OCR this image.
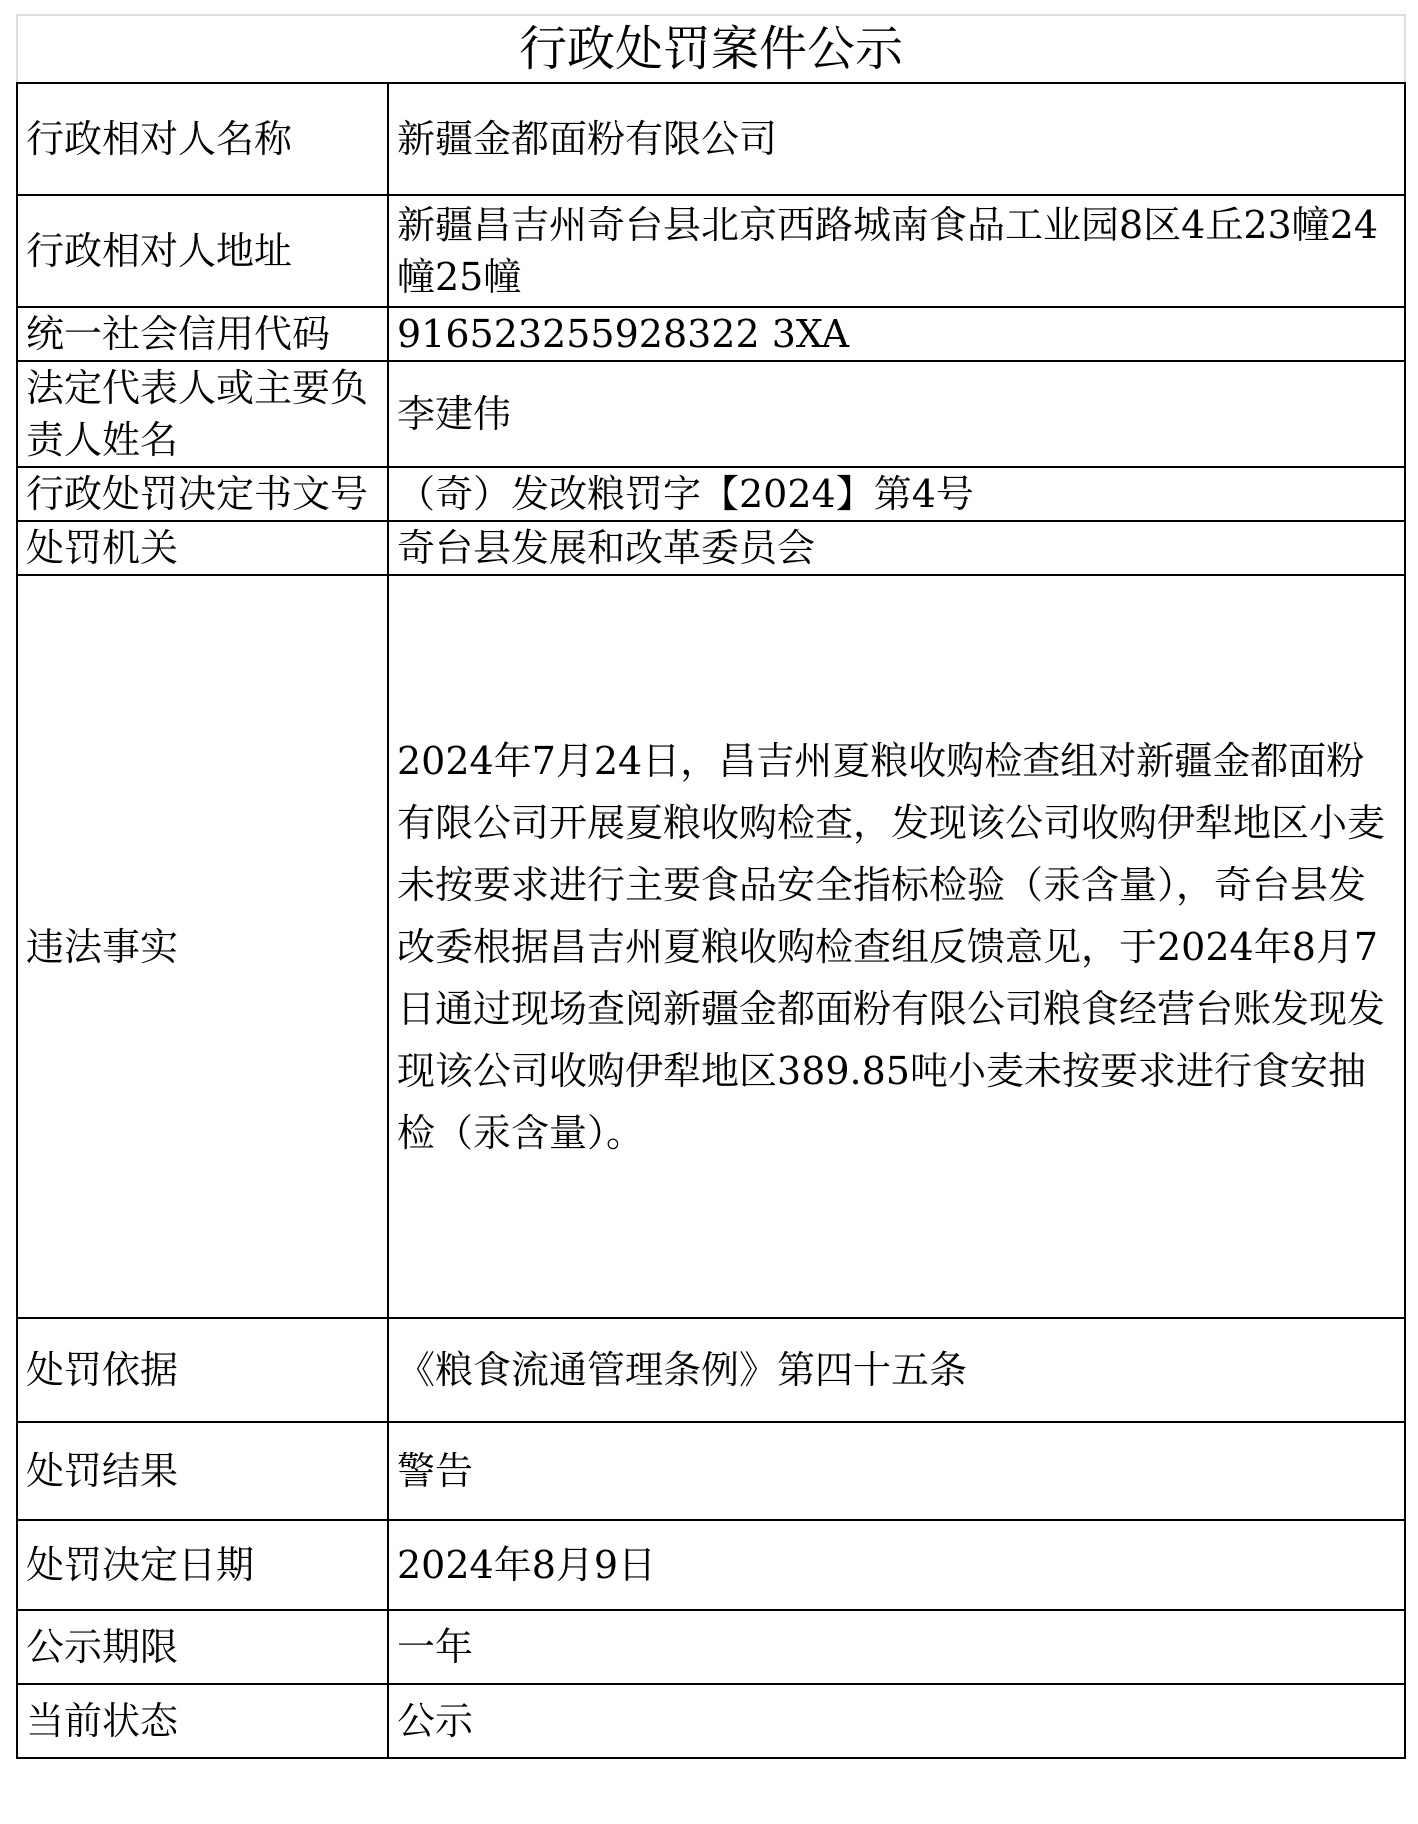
行政处罚案件公示	
行政相对人名称	新疆金都面粉有限公司
行政相对人地址	新疆昌吉州奇台县北京西路城南食品工业园8区4丘23幢24幢25幢
统一社会信用代码	916523255928322 3XA
法定代表人或主要负责人姓名	李建伟
行政处罚决定书文号	（奇）发改粮罚字【2024】第4号
处罚机关	奇台县发展和改革委员会
违法事实	2024年7月24日，昌吉州夏粮收购检查组对新疆金都面粉有限公司开展夏粮收购检查，发现该公司收购伊犁地区小麦未按要求进行主要食品安全指标检验（汞含量），奇台县发改委根据昌吉州夏粮收购检查组反馈意见，于2024年8月7日通过现场查阅新疆金都面粉有限公司粮食经营台账发现发现该公司收购伊犁地区389.85吨小麦未按要求进行食安抽检（汞含量）。
处罚依据	《粮食流通管理条例》第四十五条
处罚结果	警告
处罚决定日期	2024年8月9日
公示期限	一年
当前状态	公示
